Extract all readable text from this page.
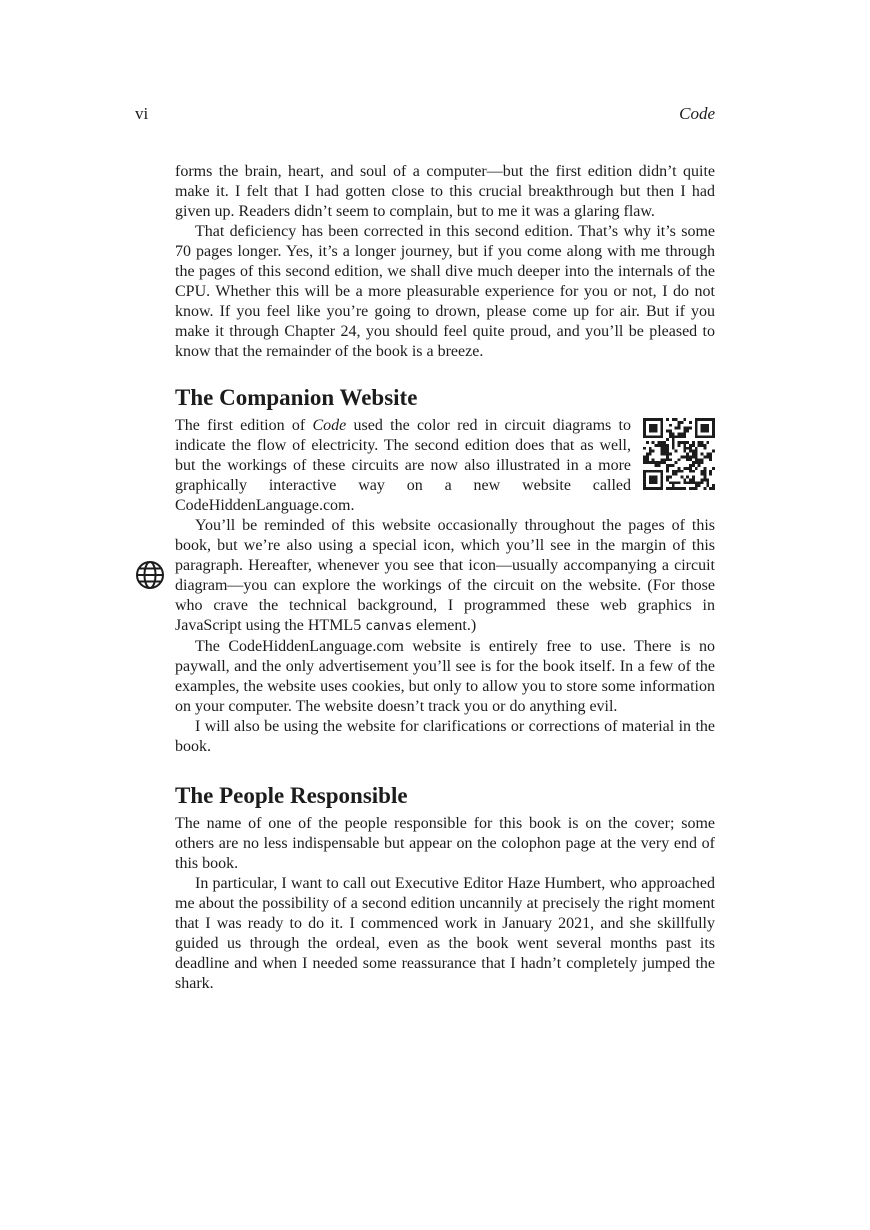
vi	Code

forms the brain, heart, and soul of a computer—but the first edition didn’t quite make it. I felt that I had gotten close to this crucial breakthrough but then I had given up. Readers didn’t seem to complain, but to me it was a glaring flaw.

That deficiency has been corrected in this second edition. That’s why it’s some 70 pages longer. Yes, it’s a longer journey, but if you come along with me through the pages of this second edition, we shall dive much deeper into the internals of the CPU. Whether this will be a more pleasurable experience for you or not, I do not know. If you feel like you’re going to drown, please come up for air. But if you make it through Chapter 24, you should feel quite proud, and you’ll be pleased to know that the remainder of the book is a breeze.

The Companion Website

The first edition of Code used the color red in circuit diagrams to indicate the flow of electricity. The second edition does that as well, but the workings of these circuits are now also illustrated in a more graphically interactive way on a new website called CodeHiddenLanguage.com.

You’ll be reminded of this website occasionally throughout the pages of this book, but we’re also using a special icon, which you’ll see in the margin of this paragraph. Hereafter, whenever you see that icon—usually accompanying a circuit diagram—you can explore the workings of the circuit on the website. (For those who crave the technical background, I programmed these web graphics in JavaScript using the HTML5 canvas element.)

The CodeHiddenLanguage.com website is entirely free to use. There is no paywall, and the only advertisement you’ll see is for the book itself. In a few of the examples, the website uses cookies, but only to allow you to store some information on your computer. The website doesn’t track you or do anything evil.

I will also be using the website for clarifications or corrections of material in the book.

The People Responsible

The name of one of the people responsible for this book is on the cover; some others are no less indispensable but appear on the colophon page at the very end of this book.

In particular, I want to call out Executive Editor Haze Humbert, who approached me about the possibility of a second edition uncannily at precisely the right moment that I was ready to do it. I commenced work in January 2021, and she skillfully guided us through the ordeal, even as the book went several months past its deadline and when I needed some reassurance that I hadn’t completely jumped the shark.
